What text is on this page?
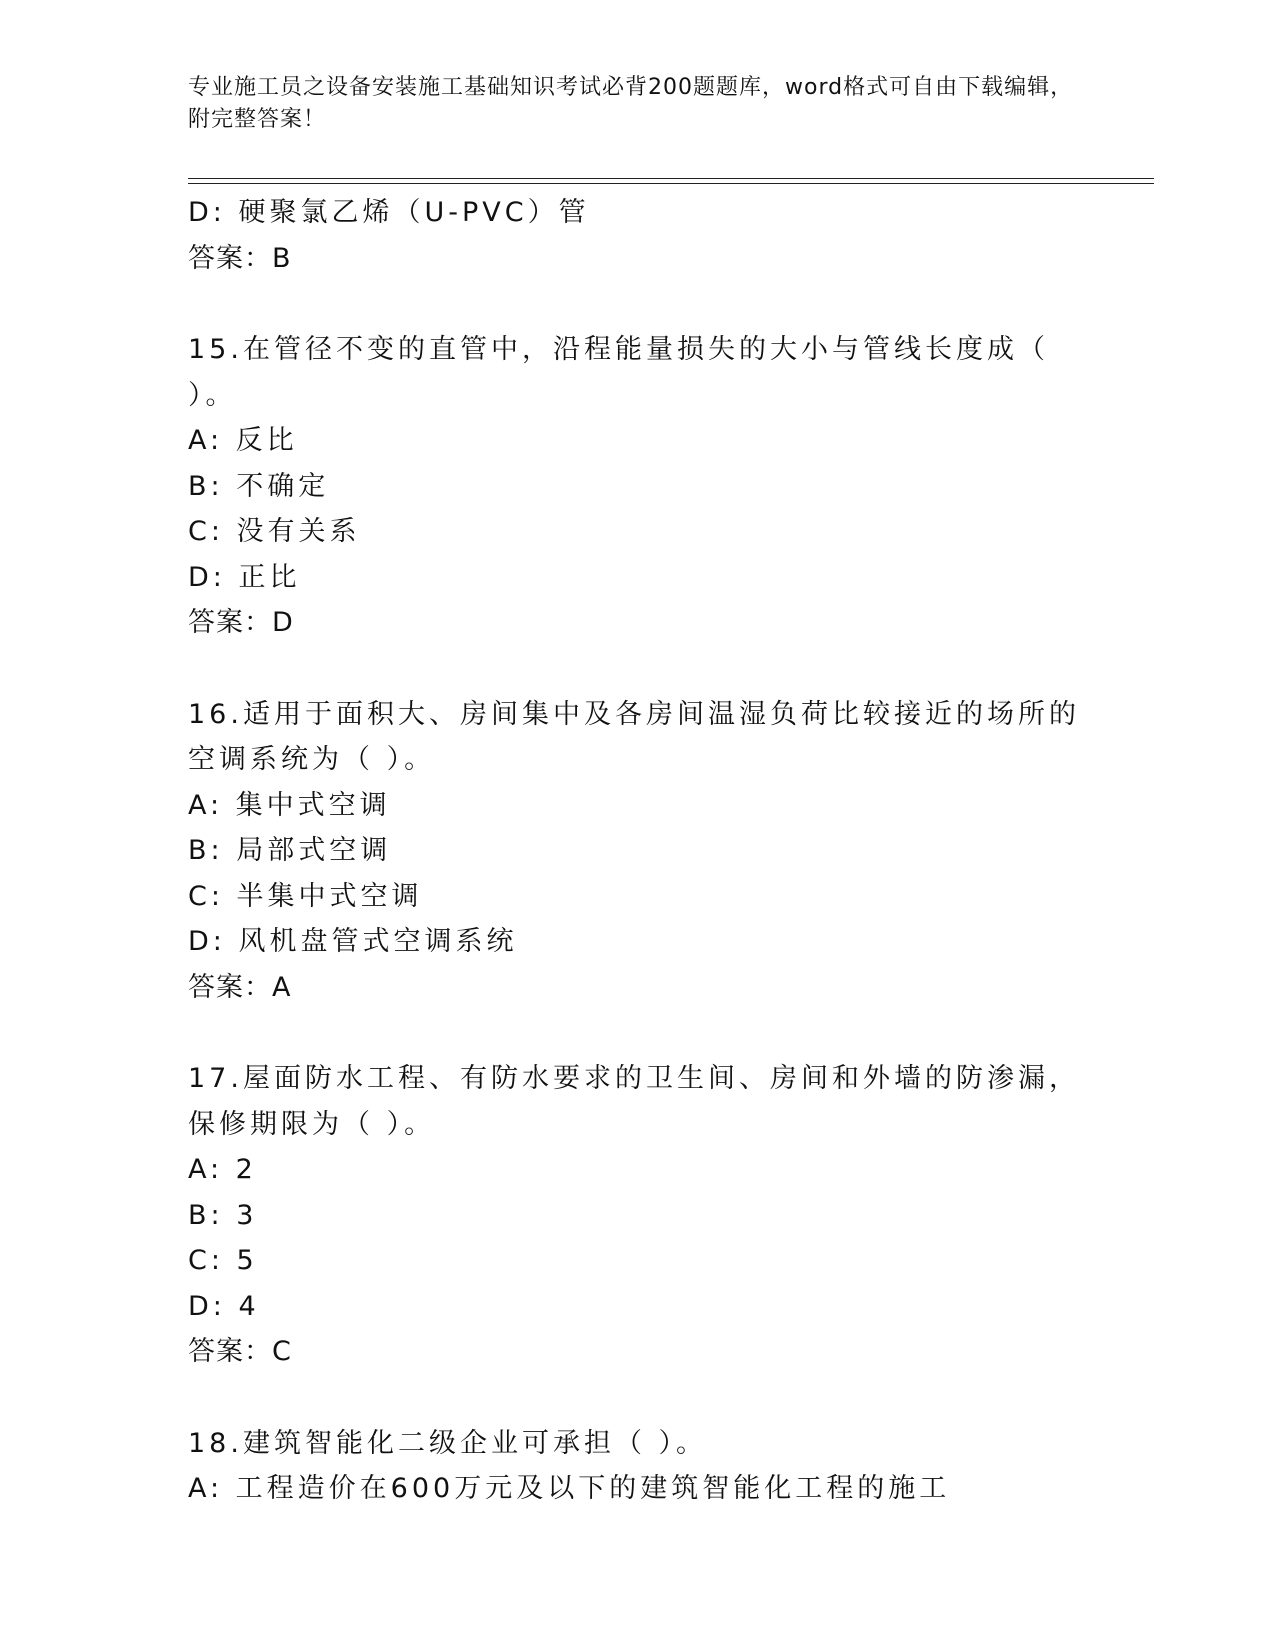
专业施工员之设备安装施工基础知识考试必背200题题库，word格式可自由下载编辑，附完整答案！
D: 硬聚氯乙烯（U-PVC）管
答案：B
15.在管径不变的直管中，沿程能量损失的大小与管线长度成（ ）。
A: 反比
B: 不确定
C: 没有关系
D: 正比
答案：D
16.适用于面积大、房间集中及各房间温湿负荷比较接近的场所的空调系统为（ ）。
A: 集中式空调
B: 局部式空调
C: 半集中式空调
D: 风机盘管式空调系统
答案：A
17.屋面防水工程、有防水要求的卫生间、房间和外墙的防渗漏，保修期限为（ ）。
A: 2
B: 3
C: 5
D: 4
答案：C
18.建筑智能化二级企业可承担（ ）。
A: 工程造价在600万元及以下的建筑智能化工程的施工
